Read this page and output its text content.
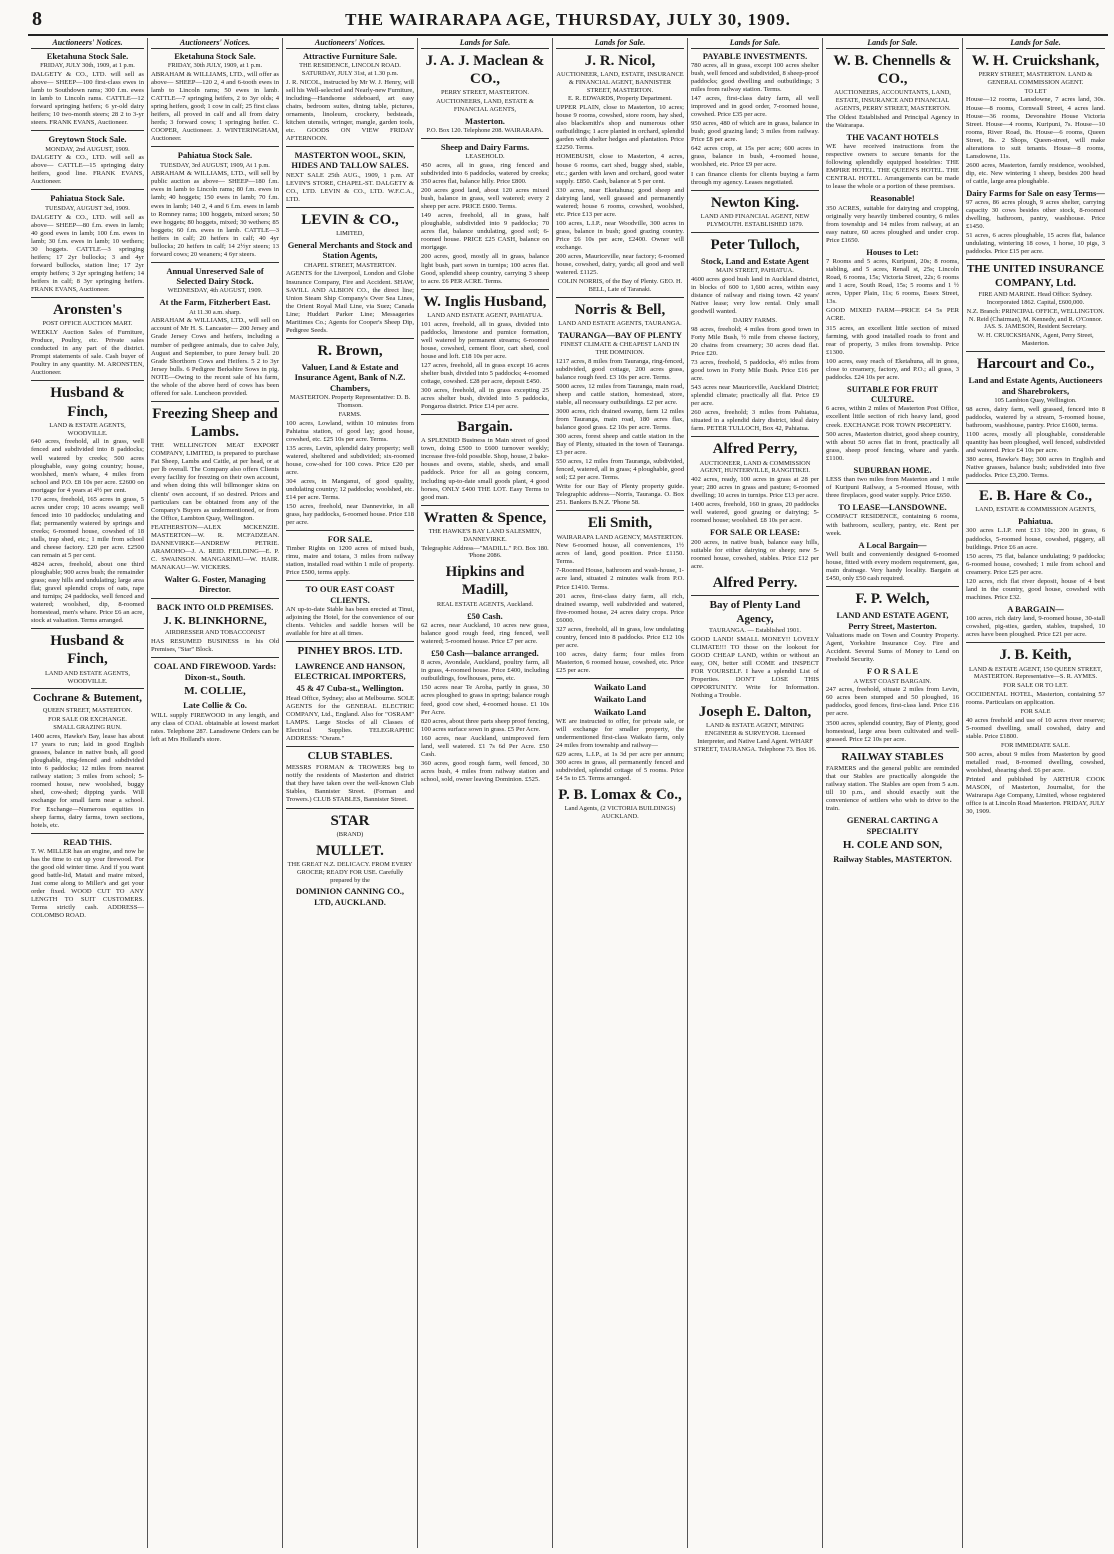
8	THE WAIRARAPA AGE, THURSDAY, JULY 30, 1909.
Auctioneers' Notices.
Eketahuna Stock Sale.
FRIDAY, JULY 30th, 1909, at 1 p.m.
DALGETY & CO., LTD. will sell as above— SHEEP—100 first-class ewes in lamb to Southdown rams; 300 f.m. ewes in lamb to Lincoln rams. CATTLE—12 forward springing heifers; 6 yr-old dairy heifers; 10 two-month steers; 28 2 to 3-yr steers. FRANK EVANS, Auctioneer.
Greytown Stock Sale.
MONDAY, 2nd AUGUST, 1909.
DALGETY & CO., LTD. will sell as above— CATTLE—15 springing dairy heifers, good line. FRANK EVANS, Auctioneer.
Pahiatua Stock Sale.
TUESDAY, AUGUST 3rd, 1909.
DALGETY & CO., LTD. will sell as above— SHEEP—80 f.m. ewes in lamb; 40 good ewes in lamb; 100 f.m. ewes in lamb; 30 f.m. ewes in lamb; 10 wethers; 30 hoggets. CATTLE—3 springing heifers; 17 2yr bullocks; 3 and 4yr forward bullocks, station line; 17 2yr empty heifers; 3 2yr springing heifers; 14 heifers in calf; 8 3yr springing heifers. FRANK EVANS, Auctioneer.
Aronsten's
POST OFFICE AUCTION MART.
WEEKLY Auction Sales of Furniture, Produce, Poultry, etc. Private sales conducted in any part of the district. Prompt statements of sale. Cash buyer of Poultry in any quantity. M. ARONSTEN, Auctioneer.
Husband & Finch,
LAND & ESTATE AGENTS, WOODVILLE.
640 acres, freehold, all in grass, well fenced and subdivided into 8 paddocks; well watered by creeks; 500 acres ploughable, easy going country; house, woolshed, men's whare, 4 miles from school and P.O. £8 10s per acre. £2600 on mortgage for 4 years at 4½ per cent.
170 acres, freehold, 165 acres in grass, 5 acres under crop; 10 acres swamp; well fenced into 10 paddocks; undulating and flat; permanently watered by springs and creeks; 6-roomed house, cowshed of 18 stalls, trap shed, etc.; 1 mile from school and cheese factory. £20 per acre. £2500 can remain at 5 per cent.
4824 acres, freehold, about one third ploughable; 900 acres bush; the remainder grass; easy hills and undulating; large area flat; gravel splendid crops of oats, rape and turnips; 24 paddocks, well fenced and watered; woolshed, dip, 8-roomed homestead, men's whare. Price £6 an acre, stock at valuation. Terms arranged.
Husband & Finch,
LAND AND ESTATE AGENTS, WOODVILLE.
Cochrane & Butement,
QUEEN STREET, MASTERTON.
FOR SALE OR EXCHANGE.
SMALL GRAZING RUN.
1400 acres, Hawke's Bay, lease has about 17 years to run; laid in good English grasses, balance in native bush, all good ploughable, ring-fenced and subdivided into 6 paddocks; 12 miles from nearest railway station; 3 miles from school; 5-roomed house, new woolshed, buggy shed, cow-shed; dipping yards. Will exchange for small farm near a school. For Exchange—Numerous equities in sheep farms, dairy farms, town sections, hotels, etc.
READ THIS.
T. W. MILLER has an engine, and now he has the time to cut up your firewood. For the good old winter time. And if you want good battle-lid, Mataii and maire mixed, Just come along to Miller's and get your order fixed. WOOD CUT TO ANY LENGTH TO SUIT CUSTOMERS. Terms strictly cash. ADDRESS—COLOMBO ROAD.
Auctioneers' Notices.
Eketahuna Stock Sale.
FRIDAY, 30th JULY, 1909, at 1 p.m.
ABRAHAM & WILLIAMS, LTD., will offer as above— SHEEP—120 2, 4 and 6-tooth ewes in lamb to Lincoln rams; 50 ewes in lamb. CATTLE—7 springing heifers, 2 to 3yr olds; 4 spring heifers, good; 1 cow in calf; 25 first class heifers, all proved in calf and all from dairy herds; 3 forward cows; 1 springing heifer. C. COOPER, Auctioneer. J. WINTERINGHAM, Auctioneer.
Pahiatua Stock Sale.
TUESDAY, 3rd AUGUST, 1909, At 1 p.m.
ABRAHAM & WILLIAMS, LTD., will sell by public auction as above— SHEEP—180 f.m. ewes in lamb to Lincoln rams; 80 f.m. ewes in lamb; 40 hoggets; 150 ewes in lamb; 70 f.m. ewes in lamb; 140 2, 4 and 6 f.m. ewes in lamb to Romney rams; 100 hoggets, mixed sexes; 50 ewe hoggets; 80 hoggets, mixed; 30 wethers; 85 hoggets; 60 f.m. ewes in lamb. CATTLE—3 heifers in calf; 20 heifers in calf; 40 4yr bullocks; 20 heifers in calf; 14 2½yr steers; 13 forward cows; 20 weaners; 4 6yr steers.
Annual Unreserved Sale of Selected Dairy Stock.
WEDNESDAY, 4th AUGUST, 1909.
At the Farm, Fitzherbert East.
At 11.30 a.m. sharp.
ABRAHAM & WILLIAMS, LTD., will sell on account of Mr H. S. Lancaster— 200 Jersey and Grade Jersey Cows and heifers, including a number of pedigree animals, due to calve July, August and September, to pure Jersey bull. 20 Grade Shorthorn Cows and Heifers. 5 2 to 3yr Jersey bulls. 6 Pedigree Berkshire Sows in pig. NOTE—Owing to the recent sale of his farm, the whole of the above herd of cows has been offered for sale. Luncheon provided.
Freezing Sheep and Lambs.
THE WELLINGTON MEAT EXPORT COMPANY, LIMITED, is prepared to purchase Fat Sheep, Lambs and Cattle, at per head, or at per lb overall. The Company also offers Clients every facility for freezing on their own account, and when doing this will billmonger skins on clients' own account, if so desired. Prices and particulars can be obtained from any of the Company's Buyers as undermentioned, or from the Office, Lambton Quay, Wellington.
FEATHERSTON—ALEX MCKENZIE. MASTERTON—W. R. MCFADZEAN. DANNEVIRKE—ANDREW PETRIE. ARAMOHO—J. A. REID. FEILDING—E. P. C. SWAINSON. MANGARIMU—W. HAIR. MANAKAU—W. VICKERS.
Walter G. Foster, Managing Director.
BACK INTO OLD PREMISES.
J. K. BLINKHORNE,
AIRDRESSER AND TOBACCONIST
HAS RESUMED BUSINESS in his Old Premises, "Star" Block.
COAL AND FIREWOOD. Yards: Dixon-st., South.
M. COLLIE,
Late Collie & Co.
WILL supply FIREWOOD in any length, and any class of COAL obtainable at lowest market rates. Telephone 287. Lansdowne Orders can be left at Mrs Holland's store.
Auctioneers' Notices.
Attractive Furniture Sale.
THE RESIDENCE, LINCOLN ROAD. SATURDAY, JULY 31st, at 1.30 p.m.
J. R. NICOL, instructed by Mr W. J. Henry, will sell his Well-selected and Nearly-new Furniture, including—Handsome sideboard, art easy chairs, bedroom suites, dining table, pictures, ornaments, linoleum, crockery, bedsteads, kitchen utensils, wringer, mangle, garden tools, etc. GOODS ON VIEW FRIDAY AFTERNOON.
MASTERTON WOOL, SKIN, HIDES AND TALLOW SALES.
NEXT SALE 25th AUG., 1909, 1 p.m. AT LEVIN'S STORE, CHAPEL-ST. DALGETY & CO., LTD. LEVIN & CO., LTD. W.F.C.A., LTD.
LEVIN & CO.,
LIMITED,
General Merchants and Stock and Station Agents,
CHAPEL STREET, MASTERTON.
AGENTS for the Liverpool, London and Globe Insurance Company, Fire and Accident. SHAW, SAVILL AND ALBION CO., the direct line; Union Steam Ship Company's Over Sea Lines, the Orient Royal Mail Line, via Suez; Canada Line; Huddart Parker Line; Messageries Maritimes Co.; Agents for Cooper's Sheep Dip, Pedigree Seeds.
R. Brown,
Valuer, Land & Estate and Insurance Agent, Bank of N.Z. Chambers,
MASTERTON. Property Representative: D. B. Thomson.
FARMS.
100 acres, Lowland, within 10 minutes from Pahiatua station, of good lay; good house, cowshed, etc. £25 10s per acre. Terms.
135 acres, Levin, splendid dairy property; well watered, sheltered and subdivided; six-roomed house, cow-shed for 100 cows. Price £20 per acre.
304 acres, in Manganui, of good quality, undulating country; 12 paddocks; woolshed, etc. £14 per acre. Terms.
150 acres, freehold, near Dannevirke, in all grass, hay paddocks, 6-roomed house. Price £18 per acre.
FOR SALE.
Timber Rights on 1200 acres of mixed bush, rimu, maire and totara, 3 miles from railway station, installed road within 1 mile of property. Price £500, terms apply.
TO OUR EAST COAST CLIENTS.
AN up-to-date Stable has been erected at Tinui, adjoining the Hotel, for the convenience of our clients. Vehicles and saddle horses will be available for hire at all times.
PINHEY BROS. LTD.
LAWRENCE AND HANSON, ELECTRICAL IMPORTERS,
45 & 47 Cuba-st., Wellington.
Head Office, Sydney; also at Melbourne. SOLE AGENTS for the GENERAL ELECTRIC COMPANY, Ltd., England. Also for "OSRAM" LAMPS. Large Stocks of all Classes of Electrical Supplies. TELEGRAPHIC ADDRESS: "Osram."
CLUB STABLES.
MESSRS FORMAN & TROWERS beg to notify the residents of Masterton and district that they have taken over the well-known Club Stables, Bannister Street. (Forman and Trowers.) CLUB STABLES, Bannister Street.
STAR
(BRAND)
MULLET.
THE GREAT N.Z. DELICACY. FROM EVERY GROCER; READY FOR USE. Carefully prepared by the
DOMINION CANNING CO., LTD, AUCKLAND.
Lands for Sale.
J. A. J. Maclean & CO.,
PERRY STREET, MASTERTON.
AUCTIONEERS, LAND, ESTATE & FINANCIAL AGENTS,
Masterton.
P.O. Box 120. Telephone 208. WAIRARAPA.
Sheep and Dairy Farms.
LEASEHOLD.
450 acres, all in grass, ring fenced and subdivided into 6 paddocks, watered by creeks; 350 acres flat, balance hilly. Price £800.
200 acres good land, about 120 acres mixed bush, balance in grass, well watered; every 2 sheep per acre. PRICE £600. Terms.
149 acres, freehold, all in grass, half ploughable, subdivided into 9 paddocks; 70 acres flat, balance undulating, good soil; 6-roomed house. PRICE £25 CASH, balance on mortgage.
200 acres, good, mostly all in grass, balance light bush, part sown in turnips; 100 acres flat. Good, splendid sheep country, carrying 3 sheep to acre. £6 PER ACRE. Terms.
W. Inglis Husband,
LAND AND ESTATE AGENT, PAHIATUA.
101 acres, freehold, all in grass, divided into paddocks, limestone and pumice formation, well watered by permanent streams; 6-roomed house, cowshed, cement floor, cart shed, cool house and loft. £18 10s per acre.
127 acres, freehold, all in grass except 16 acres shelter bush, divided into 5 paddocks; 4-roomed cottage, cowshed. £28 per acre, deposit £450.
300 acres, freehold, all in grass excepting 25 acres shelter bush, divided into 5 paddocks, Pongaroa district. Price £14 per acre.
Bargain.
A SPLENDID Business in Main street of good town, doing £500 to £600 turnover weekly; increase five-fold possible. Shop, house, 2 bake-houses and ovens, stable, sheds, and small paddock. Price for all as going concern, including up-to-date small goods plant, 4 good horses, ONLY £400 THE LOT. Easy Terms to good man.
Wratten & Spence,
THE HAWKE'S BAY LAND SALESMEN, DANNEVIRKE.
Telegraphic Address—"MADILL." P.O. Box 180. 'Phone 2086.
Hipkins and Madill,
REAL ESTATE AGENTS, Auckland.
£50 Cash.
62 acres, near Auckland, 10 acres new grass, balance good rough feed, ring fenced, well watered; 5-roomed house. Price £7 per acre.
£50 Cash—balance arranged.
8 acres, Avondale, Auckland, poultry farm, all in grass, 4-roomed house. Price £400, including outbuildings, fowlhouses, pens, etc.
150 acres near Te Aroha, partly in grass, 30 acres ploughed to grass in spring; balance rough feed, good cow shed, 4-roomed house. £1 10s Per Acre.
820 acres, about three parts sheep proof fencing, 100 acres surface sown in grass. £5 Per Acre.
160 acres, near Auckland, unimproved fern land, well watered. £1 7s 6d Per Acre. £50 Cash.
360 acres, good rough farm, well fenced, 30 acres bush, 4 miles from railway station and school, sold, owner leaving Dominion. £525.
Lands for Sale.
J. R. Nicol,
AUCTIONEER, LAND, ESTATE, INSURANCE & FINANCIAL AGENT, BANNISTER STREET, MASTERTON.
E. R. EDWARDS, Property Department.
UPPER PLAIN, close to Masterton, 10 acres; house 9 rooms, cowshed, store room, hay shed, also blacksmith's shop and numerous other outbuildings; 1 acre planted in orchard, splendid garden with shelter hedges and plantation. Price £2250. Terms.
HOMEBUSH, close to Masterton, 4 acres, house 6 rooms, cart shed, buggy shed, stable, etc.; garden with lawn and orchard, good water supply. £850. Cash, balance at 5 per cent.
330 acres, near Eketahuna; good sheep and dairying land, well grassed and permanently watered; house 6 rooms, cowshed, woolshed, etc. Price £13 per acre.
100 acres, L.I.P., near Woodville, 300 acres in grass, balance in bush; good grazing country. Price £6 10s per acre, £2400. Owner will exchange.
200 acres, Mauriceville, near factory; 6-roomed house, cowshed, dairy, yards; all good and well watered. £1125.
COLIN NORRIS, of the Bay of Plenty. GEO. H. BELL, Late of Taranaki.
Norris & Bell,
LAND AND ESTATE AGENTS, TAURANGA.
TAURANGA—BAY OF PLENTY
FINEST CLIMATE & CHEAPEST LAND IN THE DOMINION.
1217 acres, 8 miles from Tauranga, ring-fenced, subdivided, good cottage, 200 acres grass, balance rough feed. £3 10s per acre. Terms.
5000 acres, 12 miles from Tauranga, main road, sheep and cattle station, homestead, store, stable, all necessary outbuildings. £2 per acre.
3000 acres, rich drained swamp, farm 12 miles from Tauranga, main road, 180 acres flax, balance good grass. £2 10s per acre. Terms.
300 acres, forest sheep and cattle station in the Bay of Plenty, situated in the town of Tauranga. £3 per acre.
550 acres, 12 miles from Tauranga, subdivided, fenced, watered, all in grass; 4 ploughable, good soil; £2 per acre. Terms.
Write for our Bay of Plenty property guide. Telegraphic address—Norris, Tauranga. O. Box 251. Bankers B.N.Z. 'Phone 58.
Eli Smith,
WAIRARAPA LAND AGENCY, MASTERTON.
New 6-roomed house, all conveniences, 1½ acres of land, good position. Price £1150. Terms.
7-Roomed House, bathroom and wash-house, 1-acre land, situated 2 minutes walk from P.O. Price £1410. Terms.
201 acres, first-class dairy farm, all rich, drained swamp, well subdivided and watered, five-roomed house, 24 acres dairy crops. Price £6000.
327 acres, freehold, all in grass, low undulating country, fenced into 8 paddocks. Price £12 10s per acre.
100 acres, dairy farm; four miles from Masterton, 6 roomed house, cowshed, etc. Price £25 per acre.
Waikato Land
Waikato Land
Waikato Land
WE are instructed to offer, for private sale, or will exchange for smaller property, the undermentioned first-class Waikato farm, only 24 miles from township and railway—
629 acres, L.I.P., at 1s 3d per acre per annum; 300 acres in grass, all permanently fenced and subdivided, splendid cottage of 5 rooms. Price £4 5s to £5. Terms arranged.
P. B. Lomax & Co.,
Land Agents, (2 VICTORIA BUILDINGS) AUCKLAND.
Lands for Sale.
PAYABLE INVESTMENTS.
780 acres, all in grass, except 100 acres shelter bush, well fenced and subdivided, 8 sheep-proof paddocks; good dwelling and outbuildings; 3 miles from railway station. Terms.
147 acres, first-class dairy farm, all well improved and in good order, 7-roomed house, cowshed. Price £35 per acre.
950 acres, 480 of which are in grass, balance in bush; good grazing land; 3 miles from railway. Price £8 per acre.
642 acres crop, at 15s per acre; 600 acres in grass, balance in bush, 4-roomed house, woolshed, etc. Price £9 per acre.
I can finance clients for clients buying a farm through my agency. Leases negotiated.
Newton King.
LAND AND FINANCIAL AGENT, NEW PLYMOUTH. ESTABLISHED 1879.
Peter Tulloch,
Stock, Land and Estate Agent
MAIN STREET, PAHIATUA.
4600 acres good bush land in Auckland district, in blocks of 600 to 1,600 acres, within easy distance of railway and rising town. 42 years' Native lease; very low rental. Only small goodwill wanted.
DAIRY FARMS.
98 acres, freehold; 4 miles from good town in Forty Mile Bush, ½ mile from cheese factory, 20 chains from creamery; 30 acres dead flat. Price £20.
73 acres, freehold, 5 paddocks, 4½ miles from good town in Forty Mile Bush. Price £16 per acre.
543 acres near Mauriceville, Auckland District; splendid climate; practically all flat. Price £9 per acre.
260 acres, freehold; 3 miles from Pahiatua, situated in a splendid dairy district, ideal dairy farm. PETER TULLOCH, Box 42, Pahiatua.
Alfred Perry,
AUCTIONEER, LAND & COMMISSION AGENT, HUNTERVILLE, RANGITIKEI.
402 acres, ready, 100 acres in grass at 28 per year; 280 acres in grass and pasture; 6-roomed dwelling; 10 acres in turnips. Price £13 per acre.
1400 acres, freehold, 160 in grass, 20 paddocks well watered, good grazing or dairying; 5-roomed house; woolshed. £8 10s per acre.
FOR SALE OR LEASE:
200 acres, in native bush, balance easy hills, suitable for either dairying or sheep; new 5-roomed house, cowshed, stables. Price £12 per acre.
Alfred Perry.
Bay of Plenty Land Agency,
TAURANGA. — Established 1901.
GOOD LAND! SMALL MONEY!! LOVELY CLIMATE!!! TO those on the lookout for GOOD CHEAP LAND, within or without an easy, ON, better still COME and INSPECT FOR YOURSELF. I have a splendid List of Properties. DON'T LOSE THIS OPPORTUNITY. Write for Information. Nothing a Trouble.
Joseph E. Dalton,
LAND & ESTATE AGENT, MINING ENGINEER & SURVEYOR. Licensed Interpreter, and Native Land Agent. WHARF STREET, TAURANGA. Telephone 73. Box 16.
Lands for Sale.
W. B. Chennells & CO.,
AUCTIONEERS, ACCOUNTANTS, LAND, ESTATE, INSURANCE AND FINANCIAL AGENTS, PERRY STREET, MASTERTON.
The Oldest Established and Principal Agency in the Wairarapa.
THE VACANT HOTELS
WE have received instructions from the respective owners to secure tenants for the following splendidly equipped hostelries: THE EMPIRE HOTEL. THE QUEEN'S HOTEL. THE CENTRAL HOTEL. Arrangements can be made to lease the whole or a portion of these premises.
Reasonable!
350 ACRES, suitable for dairying and cropping, originally very heavily timbered country, 6 miles from township and 14 miles from railway, at an easy nature, 60 acres ploughed and under crop. Price £1650.
Houses to Let:
7 Rooms and 5 acres, Kuripuni, 20s; 8 rooms, stabling, and 5 acres, Renall st, 25s; Lincoln Road, 6 rooms, 15s; Victoria Street, 22s; 6 rooms and 1 acre, South Road, 15s; 5 rooms and 1 ½ acres, Upper Plain, 11s; 6 rooms, Essex Street, 13s.
GOOD MIXED FARM—PRICE £4 5s PER ACRE.
315 acres, an excellent little section of mixed farming, with good installed roads to front and rear of property, 3 miles from township. Price £1300.
100 acres, easy reach of Eketahuna, all in grass, close to creamery, factory, and P.O.; all grass, 3 paddocks. £24 10s per acre.
SUITABLE FOR FRUIT CULTURE.
6 acres, within 2 miles of Masterton Post Office, excellent little section of rich heavy land, good creek. EXCHANGE FOR TOWN PROPERTY.
500 acres, Masterton district, good sheep country, with about 50 acres flat in front, practically all grass, sheep proof fencing, whare and yards. £1100.
SUBURBAN HOME.
LESS than two miles from Masterton and 1 mile of Kuripuni Railway, a 5-roomed House, with three fireplaces, good water supply. Price £650.
TO LEASE—LANSDOWNE.
COMPACT RESIDENCE, containing 6 rooms, with bathroom, scullery, pantry, etc. Rent per week.
A Local Bargain—
Well built and conveniently designed 6-roomed house, fitted with every modern requirement, gas, main drainage. Very handy locality. Bargain at £450, only £50 cash required.
F. P. Welch,
LAND AND ESTATE AGENT, Perry Street, Masterton.
Valuations made on Town and Country Property. Agent, Yorkshire Insurance Coy. Fire and Accident. Several Sums of Money to Lend on Freehold Security.
F O R S A L E
A WEST COAST BARGAIN.
247 acres, freehold, situate 2 miles from Levin, 60 acres been stumped and 50 ploughed, 16 paddocks, good fences, first-class land. Price £16 per acre.
3500 acres, splendid country, Bay of Plenty, good homestead, large area been cultivated and well-grassed. Price £2 10s per acre.
RAILWAY STABLES
FARMERS and the general public are reminded that our Stables are practically alongside the railway station. The Stables are open from 5 a.m. till 10 p.m., and should exactly suit the convenience of settlers who wish to drive to the train.
GENERAL CARTING A SPECIALITY
H. COLE AND SON,
Railway Stables, MASTERTON.
Lands for Sale.
W. H. Cruickshank,
PERRY STREET, MASTERTON. LAND & GENERAL COMMISSION AGENT.
TO LET
House—12 rooms, Lansdowne, 7 acres land, 30s. House—8 rooms, Cornwall Street, 4 acres land. House—36 rooms, Devonshire House Victoria Street. House—4 rooms, Kuripuni, 7s. House—10 rooms, River Road, 8s. House—6 rooms, Queen Street, 8s. 2 Shops, Queen-street, will make alterations to suit tenants. House—8 rooms, Lansdowne, 11s.
2600 acres, Masterton, family residence, woolshed, dip, etc. New wintering 1 sheep, besides 200 head of cattle, large area ploughable.
Dairy Farms for Sale on easy Terms—
97 acres, 86 acres plough, 9 acres shelter, carrying capacity 30 cows besides other stock, 8-roomed dwelling, bathroom, pantry, washhouse. Price £1450.
51 acres, 6 acres ploughable, 15 acres flat, balance undulating, wintering 18 cows, 1 horse, 10 pigs, 3 paddocks. Price £15 per acre.
THE UNITED INSURANCE COMPANY, Ltd.
FIRE AND MARINE. Head Office: Sydney. Incorporated 1862. Capital, £600,000.
N.Z. Branch: PRINCIPAL OFFICE, WELLINGTON. N. Reid (Chairman), M. Kennedy, and R. O'Connor. JAS. S. JAMESON, Resident Secretary.
W. H. CRUICKSHANK, Agent, Perry Street, Masterton.
Harcourt and Co.,
Land and Estate Agents, Auctioneers and Sharebrokers,
105 Lambton Quay, Wellington.
98 acres, dairy farm, well grassed, fenced into 8 paddocks, watered by a stream, 5-roomed house, bathroom, washhouse, pantry. Price £1600, terms.
1100 acres, mostly all ploughable, considerable quantity has been ploughed, well fenced, subdivided and watered. Price £4 10s per acre.
380 acres, Hawke's Bay; 300 acres in English and Native grasses, balance bush; subdivided into five paddocks. Price £3,200. Terms.
E. B. Hare & Co.,
LAND, ESTATE & COMMISSION AGENTS,
Pahiatua.
300 acres L.I.P. rent £13 10s; 200 in grass, 6 paddocks, 5-roomed house, cowshed, piggery, all buildings. Price £6 an acre.
150 acres, 75 flat, balance undulating; 9 paddocks; 6-roomed house, cowshed; 1 mile from school and creamery. Price £25 per acre.
120 acres, rich flat river deposit, house of 4 best land in the country, good house, cowshed with machines. Price £32.
A BARGAIN—
100 acres, rich dairy land, 9-roomed house, 30-stall cowshed, pig-sties, garden, stables, trapshed, 10 acres have been ploughed. Price £21 per acre.
J. B. Keith,
LAND & ESTATE AGENT, 150 QUEEN STREET, MASTERTON. Representative—S. R. AYMES.
FOR SALE OR TO LET.
OCCIDENTAL HOTEL, Masterton, containing 57 rooms. Particulars on application.
FOR SALE
40 acres freehold and use of 10 acres river reserve; 5-roomed dwelling, small cowshed, dairy and stable. Price £1800.
FOR IMMEDIATE SALE.
500 acres, about 9 miles from Masterton by good metalled road, 8-roomed dwelling, cowshed, woolshed, shearing shed. £6 per acre.
Printed and published by ARTHUR COOK MASON, of Masterton, Journalist, for the Wairarapa Age Company, Limited, whose registered office is at Lincoln Road Masterton. FRIDAY, JULY 30, 1909.
